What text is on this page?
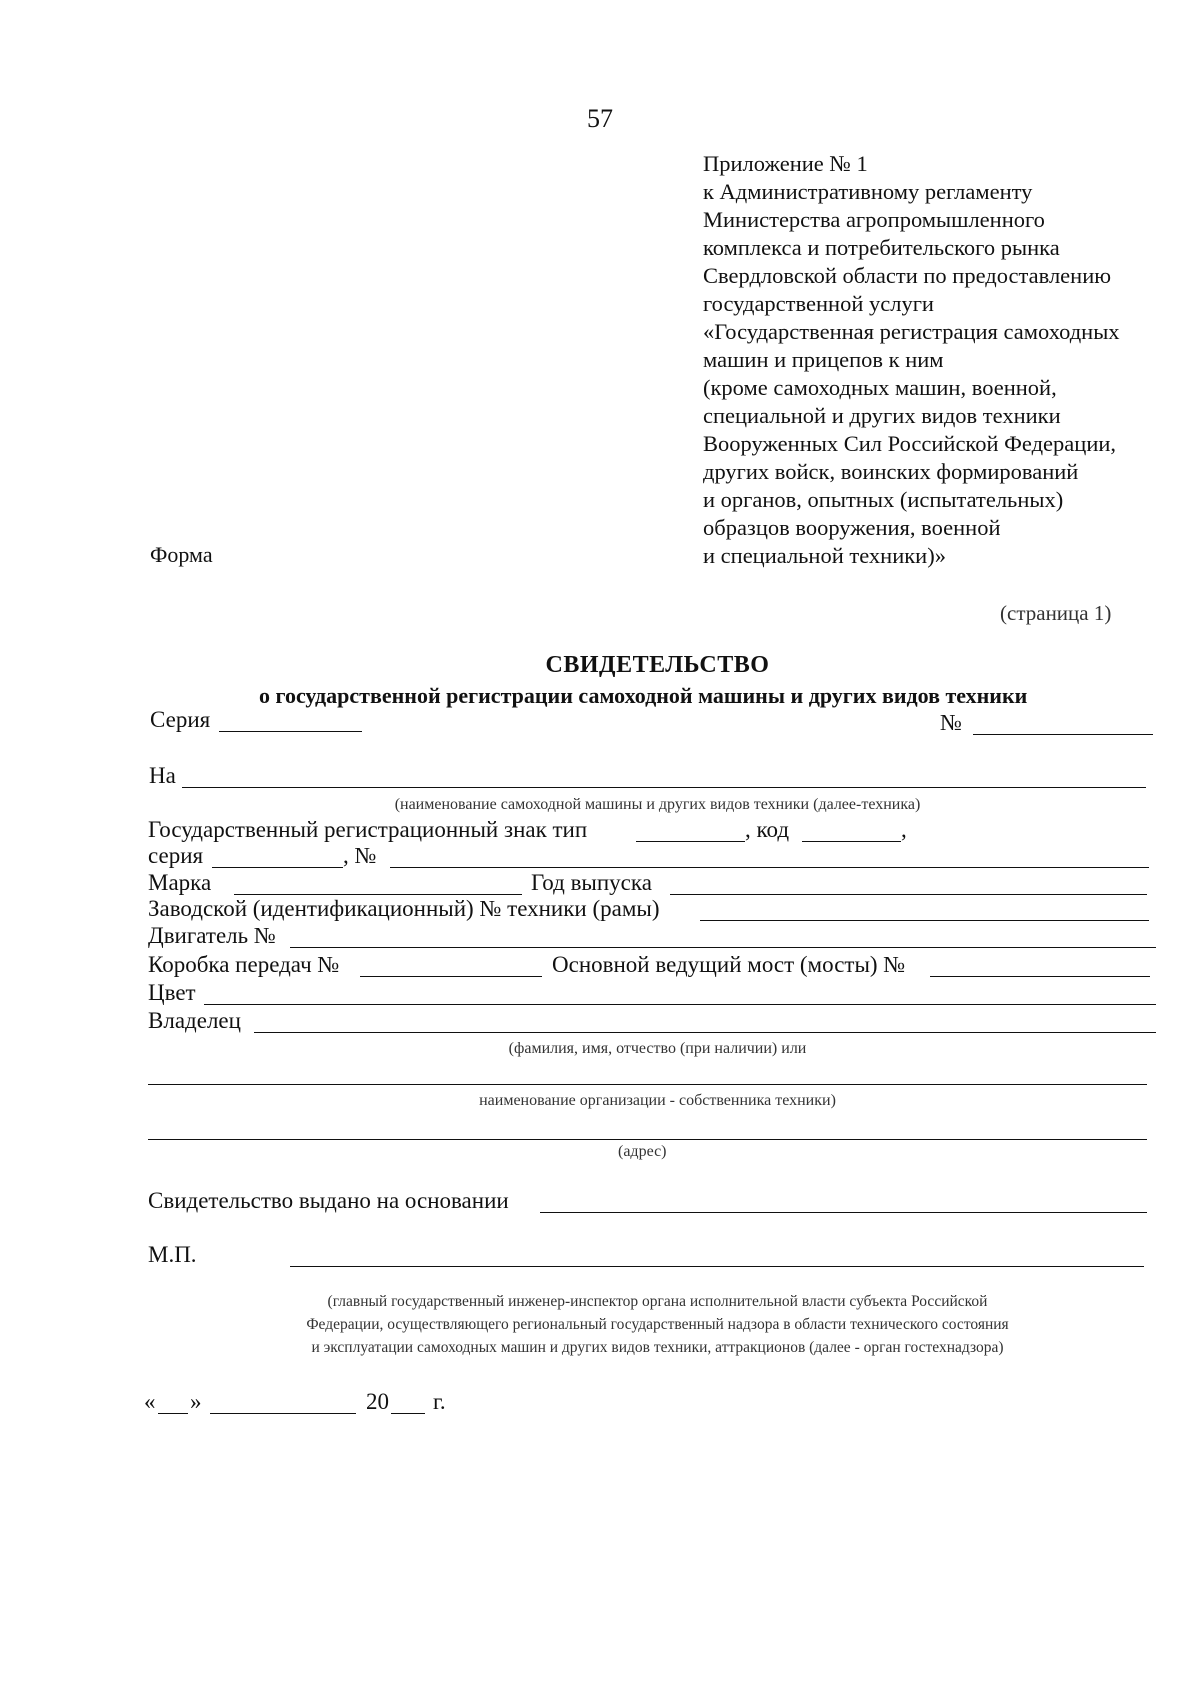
57
Приложение № 1
к Административному регламенту
Министерства агропромышленного
комплекса и потребительского рынка
Свердловской области по предоставлению
государственной услуги
«Государственная регистрация самоходных
машин и прицепов к ним
(кроме самоходных машин, военной,
специальной и других видов техники
Вооруженных Сил Российской Федерации,
других войск, воинских формирований
и органов, опытных (испытательных)
образцов вооружения, военной
и специальной техники)»
Форма
(страница 1)
СВИДЕТЕЛЬСТВО
о государственной регистрации самоходной машины и других видов техники
Серия	№
На
(наименование самоходной машины и других видов техники (далее-техника)
Государственный регистрационный знак тип	, код	,
серия	, №
Марка	Год выпуска
Заводской (идентификационный) № техники (рамы)
Двигатель №
Коробка передач №	Основной ведущий мост (мосты) №
Цвет
Владелец
(фамилия, имя, отчество (при наличии) или
наименование организации - собственника техники)
(адрес)
Свидетельство выдано на основании
М.П.
(главный государственный инженер-инспектор органа исполнительной власти субъекта Российской
Федерации, осуществляющего региональный государственный надзора в области технического состояния
и эксплуатации самоходных машин и других видов техники, аттракционов (далее - орган гостехнадзора)
« »	20 г.
